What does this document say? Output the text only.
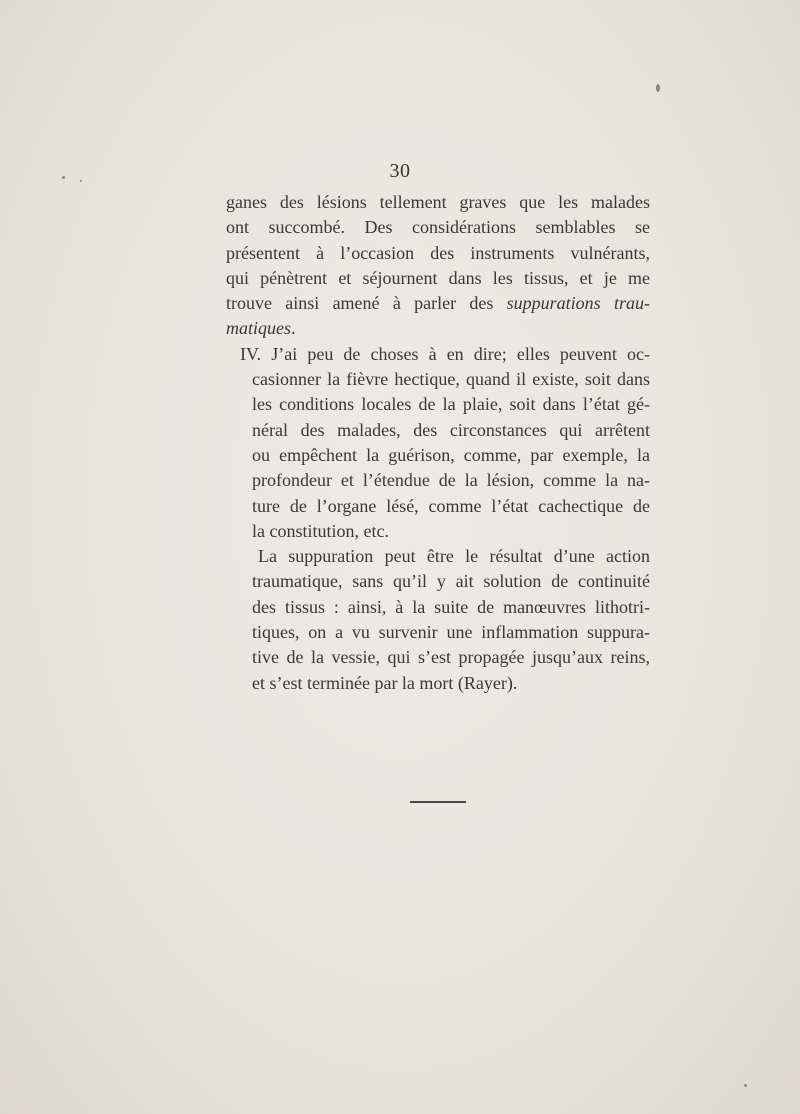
30

ganes des lésions tellement graves que les malades
ont succombé. Des considérations semblables se
présentent à l’occasion des instruments vulnérants,
qui pénètrent et séjournent dans les tissus, et je me
trouve ainsi amené à parler des suppurations trau-
matiques.

IV. J’ai peu de choses à en dire; elles peuvent oc-
casionner la fièvre hectique, quand il existe, soit dans
les conditions locales de la plaie, soit dans l’état gé-
néral des malades, des circonstances qui arrêtent
ou empêchent la guérison, comme, par exemple, la
profondeur et l’étendue de la lésion, comme la na-
ture de l’organe lésé, comme l’état cachectique de
la constitution, etc.

La suppuration peut être le résultat d’une action
traumatique, sans qu’il y ait solution de continuité
des tissus : ainsi, à la suite de manœuvres lithotri-
tiques, on a vu survenir une inflammation suppura-
tive de la vessie, qui s’est propagée jusqu’aux reins,
et s’est terminée par la mort (Rayer).
